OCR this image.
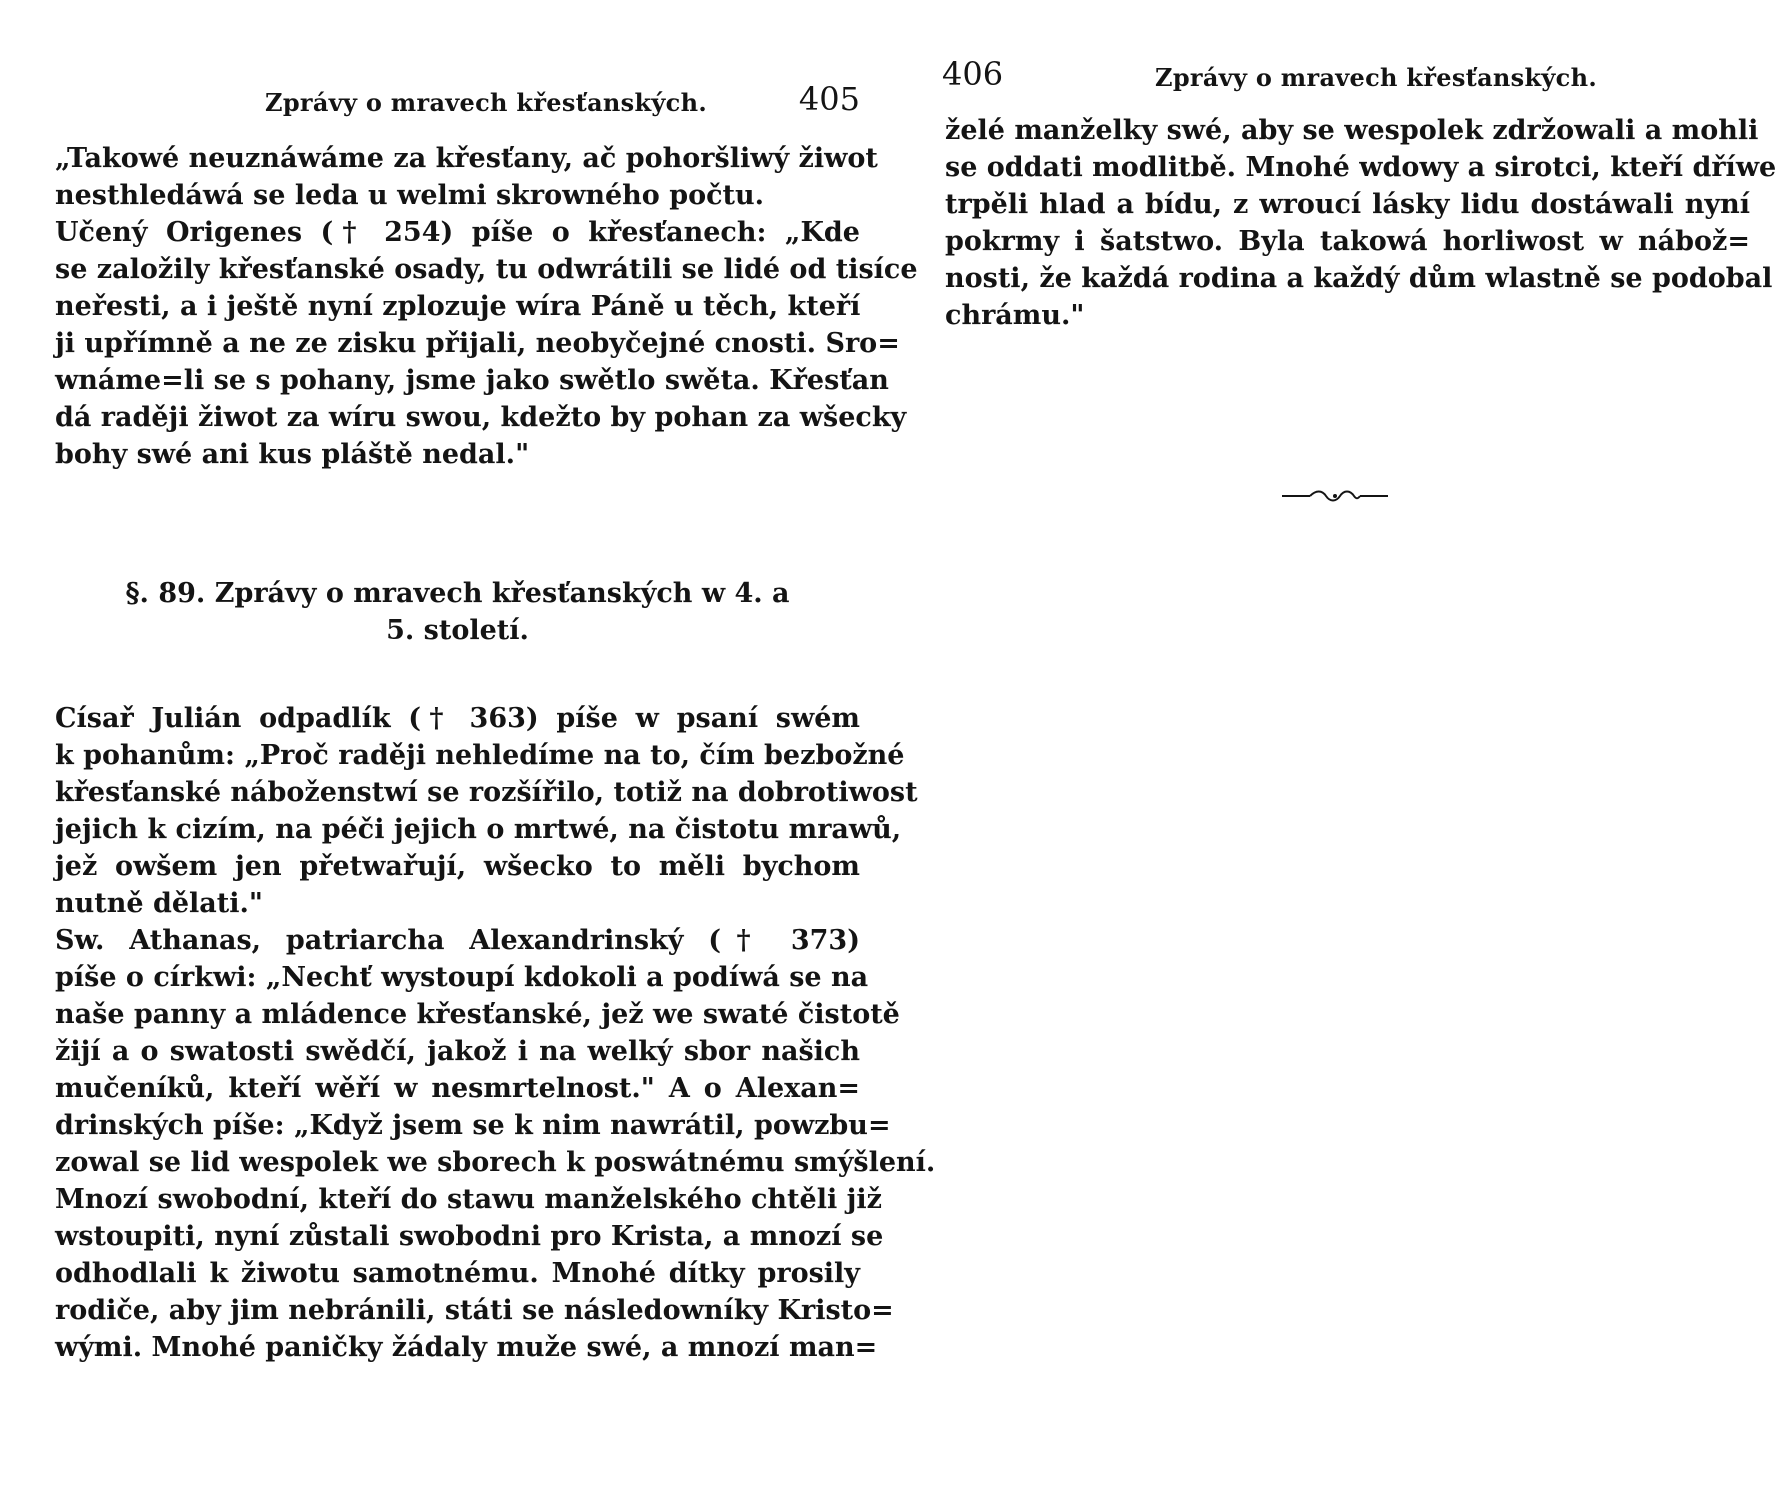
Zprávy o mravech křesťanských.	405
„Takowé neuznáwáme za křesťany, ač pohoršliwý žiwot
nesthledáwá se leda u welmi skrowného počtu.
Učený Origenes († 254) píše o křesťanech: „Kde
se založily křesťanské osady, tu odwrátili se lidé od tisíce
neřesti, a i ještě nyní zplozuje wíra Páně u těch, kteří
ji upřímně a ne ze zisku přijali, neobyčejné cnosti. Sro=
wnáme=li se s pohany, jsme jako swětlo swěta. Křesťan
dá raději žiwot za wíru swou, kdežto by pohan za wšecky
bohy swé ani kus pláště nedal."
§. 89. Zprávy o mravech křesťanských w 4. a
5. století.
Císař Julián odpadlík († 363) píše w psaní swém
k pohanům: „Proč raději nehledíme na to, čím bezbožné
křesťanské náboženstwí se rozšířilo, totiž na dobrotiwost
jejich k cizím, na péči jejich o mrtwé, na čistotu mrawů,
jež owšem jen přetwařují, wšecko to měli bychom
nutně dělati."
Sw. Athanas, patriarcha Alexandrinský († 373)
píše o církwi: „Nechť wystoupí kdokoli a podíwá se na
naše panny a mládence křesťanské, jež we swaté čistotě
žijí a o swatosti swědčí, jakož i na welký sbor našich
mučeníků, kteří wěří w nesmrtelnost." A o Alexan=
drinských píše: „Když jsem se k nim nawrátil, powzbu=
zowal se lid wespolek we sborech k poswátnému smýšlení.
Mnozí swobodní, kteří do stawu manželského chtěli již
wstoupiti, nyní zůstali swobodni pro Krista, a mnozí se
odhodlali k žiwotu samotnému. Mnohé dítky prosily
rodiče, aby jim nebránili, státi se následowníky Kristo=
wými. Mnohé paničky žádaly muže swé, a mnozí man=
406	Zprávy o mravech křesťanských.
želé manželky swé, aby se wespolek zdržowali a mohli
se oddati modlitbě. Mnohé wdowy a sirotci, kteří dříwe
trpěli hlad a bídu, z wroucí lásky lidu dostáwali nyní
pokrmy i šatstwo. Byla takowá horliwost w nábož=
nosti, že každá rodina a každý dům wlastně se podobal
chrámu."
